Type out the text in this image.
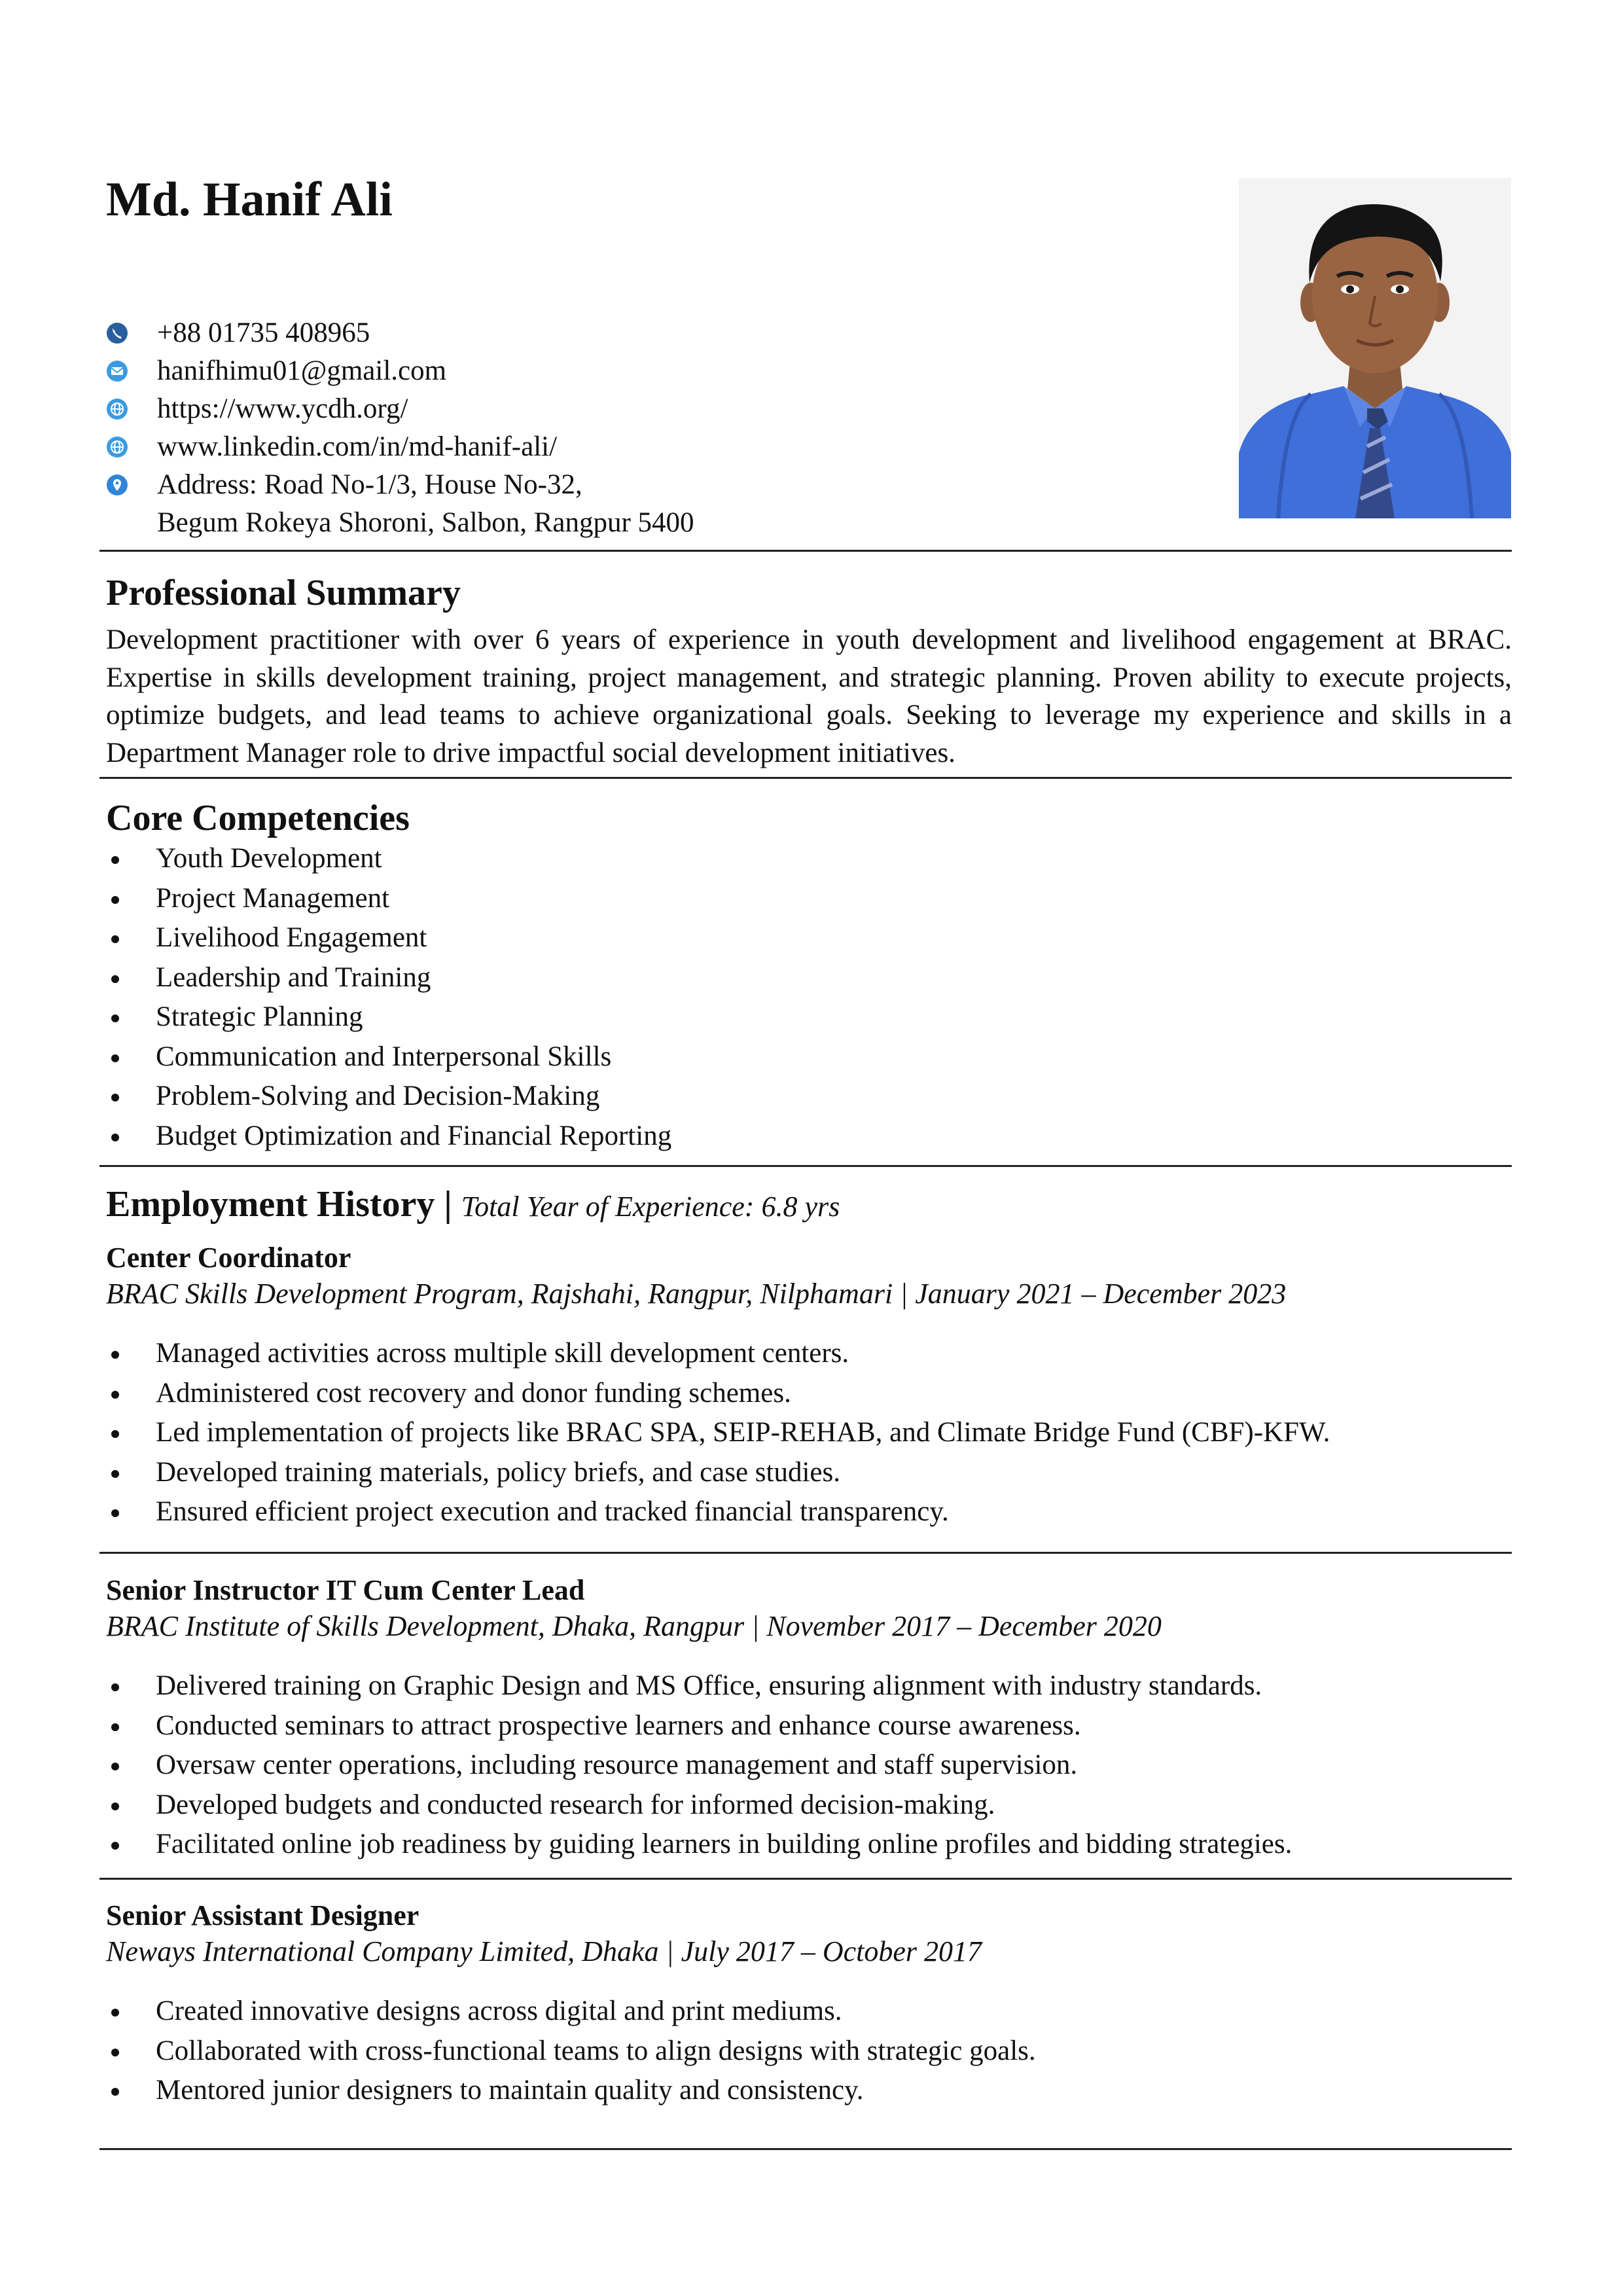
Md. Hanif Ali
+88 01735 408965
hanifhimu01@gmail.com
https://www.ycdh.org/
www.linkedin.com/in/md-hanif-ali/
Address: Road No-1/3, House No-32,
Begum Rokeya Shoroni, Salbon, Rangpur 5400
Professional Summary

Development practitioner with over 6 years of experience in youth development and livelihood engagement at BRAC. Expertise in skills development training, project management, and strategic planning. Proven ability to execute projects, optimize budgets, and lead teams to achieve organizational goals. Seeking to leverage my experience and skills in a Department Manager role to drive impactful social development initiatives.

Core Competencies
Youth Development
Project Management
Livelihood Engagement
Leadership and Training
Strategic Planning
Communication and Interpersonal Skills
Problem-Solving and Decision-Making
Budget Optimization and Financial Reporting
Employment History | Total Year of Experience: 6.8 yrs
Center Coordinator

BRAC Skills Development Program, Rajshahi, Rangpur, Nilphamari | January 2021 – December 2023

Managed activities across multiple skill development centers.
Administered cost recovery and donor funding schemes.
Led implementation of projects like BRAC SPA, SEIP-REHAB, and Climate Bridge Fund (CBF)-KFW.
Developed training materials, policy briefs, and case studies.
Ensured efficient project execution and tracked financial transparency.
Senior Instructor IT Cum Center Lead

BRAC Institute of Skills Development, Dhaka, Rangpur | November 2017 – December 2020

Delivered training on Graphic Design and MS Office, ensuring alignment with industry standards.
Conducted seminars to attract prospective learners and enhance course awareness.
Oversaw center operations, including resource management and staff supervision.
Developed budgets and conducted research for informed decision-making.
Facilitated online job readiness by guiding learners in building online profiles and bidding strategies.
Senior Assistant Designer

Neways International Company Limited, Dhaka | July 2017 – October 2017

Created innovative designs across digital and print mediums.
Collaborated with cross-functional teams to align designs with strategic goals.
Mentored junior designers to maintain quality and consistency.
